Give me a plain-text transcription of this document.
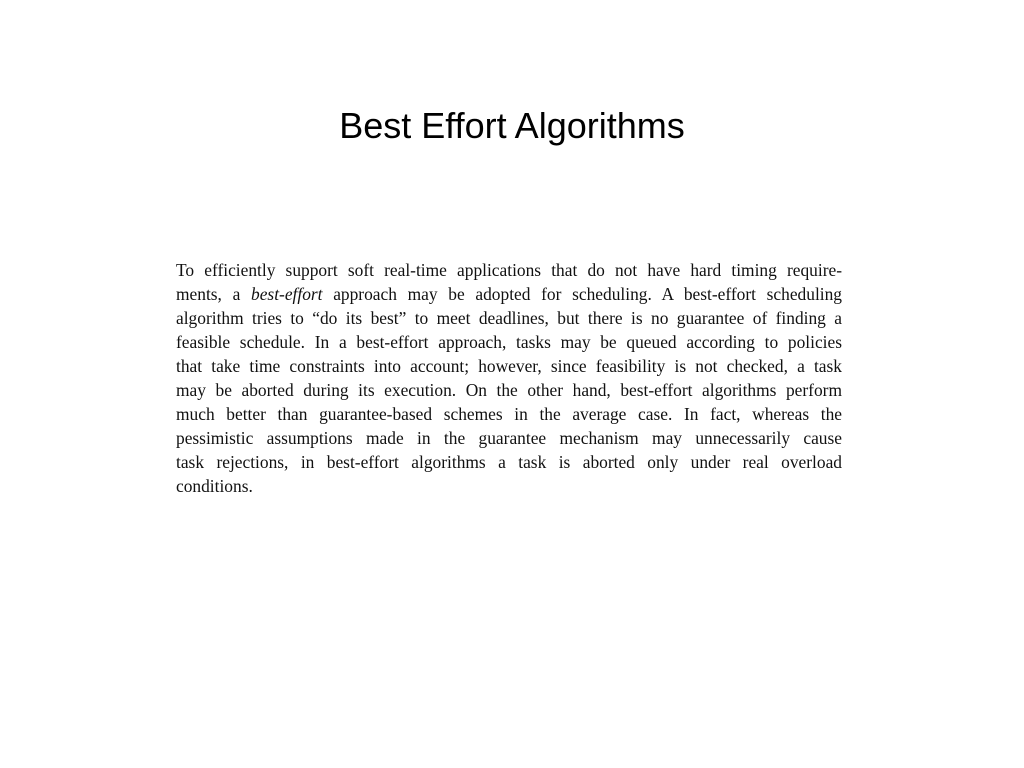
Best Effort Algorithms
To efficiently support soft real-time applications that do not have hard timing require-
ments, a best-effort approach may be adopted for scheduling. A best-effort scheduling
algorithm tries to “do its best” to meet deadlines, but there is no guarantee of finding a
feasible schedule. In a best-effort approach, tasks may be queued according to policies
that take time constraints into account; however, since feasibility is not checked, a task
may be aborted during its execution. On the other hand, best-effort algorithms perform
much better than guarantee-based schemes in the average case. In fact, whereas the
pessimistic assumptions made in the guarantee mechanism may unnecessarily cause
task rejections, in best-effort algorithms a task is aborted only under real overload
conditions.
